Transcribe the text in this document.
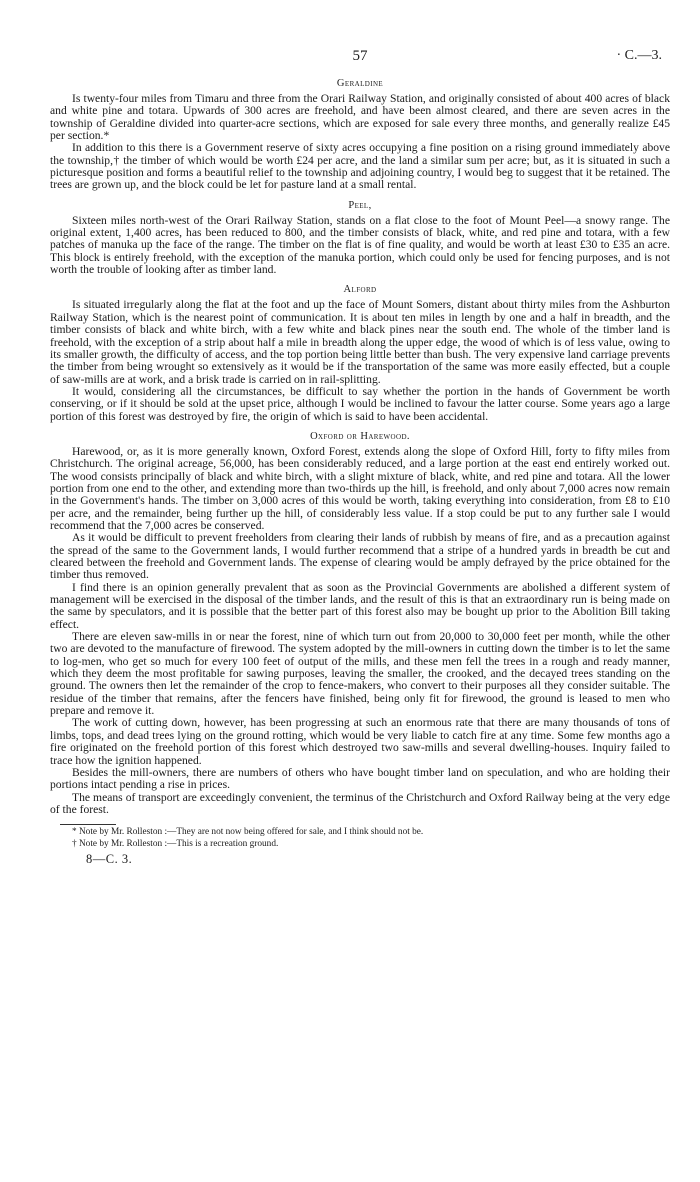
57	· C.—3.
Geraldine

Is twenty-four miles from Timaru and three from the Orari Railway Station, and originally consisted of about 400 acres of black and white pine and totara. Upwards of 300 acres are freehold, and have been almost cleared, and there are seven acres in the township of Geraldine divided into quarter-acre sections, which are exposed for sale every three months, and generally realize £45 per section.*

In addition to this there is a Government reserve of sixty acres occupying a fine position on a rising ground immediately above the township,† the timber of which would be worth £24 per acre, and the land a similar sum per acre; but, as it is situated in such a picturesque position and forms a beautiful relief to the township and adjoining country, I would beg to suggest that it be retained. The trees are grown up, and the block could be let for pasture land at a small rental.

Peel,

Sixteen miles north-west of the Orari Railway Station, stands on a flat close to the foot of Mount Peel—a snowy range. The original extent, 1,400 acres, has been reduced to 800, and the timber consists of black, white, and red pine and totara, with a few patches of manuka up the face of the range. The timber on the flat is of fine quality, and would be worth at least £30 to £35 an acre. This block is entirely freehold, with the exception of the manuka portion, which could only be used for fencing purposes, and is not worth the trouble of looking after as timber land.

Alford

Is situated irregularly along the flat at the foot and up the face of Mount Somers, distant about thirty miles from the Ashburton Railway Station, which is the nearest point of communication. It is about ten miles in length by one and a half in breadth, and the timber consists of black and white birch, with a few white and black pines near the south end. The whole of the timber land is freehold, with the exception of a strip about half a mile in breadth along the upper edge, the wood of which is of less value, owing to its smaller growth, the difficulty of access, and the top portion being little better than bush. The very expensive land carriage prevents the timber from being wrought so extensively as it would be if the transportation of the same was more easily effected, but a couple of saw-mills are at work, and a brisk trade is carried on in rail-splitting.

It would, considering all the circumstances, be difficult to say whether the portion in the hands of Government be worth conserving, or if it should be sold at the upset price, although I would be inclined to favour the latter course. Some years ago a large portion of this forest was destroyed by fire, the origin of which is said to have been accidental.

Oxford or Harewood.

Harewood, or, as it is more generally known, Oxford Forest, extends along the slope of Oxford Hill, forty to fifty miles from Christchurch. The original acreage, 56,000, has been considerably reduced, and a large portion at the east end entirely worked out. The wood consists principally of black and white birch, with a slight mixture of black, white, and red pine and totara. All the lower portion from one end to the other, and extending more than two-thirds up the hill, is freehold, and only about 7,000 acres now remain in the Government's hands. The timber on 3,000 acres of this would be worth, taking everything into consideration, from £8 to £10 per acre, and the remainder, being further up the hill, of considerably less value. If a stop could be put to any further sale I would recommend that the 7,000 acres be conserved.

As it would be difficult to prevent freeholders from clearing their lands of rubbish by means of fire, and as a precaution against the spread of the same to the Government lands, I would further recommend that a stripe of a hundred yards in breadth be cut and cleared between the freehold and Government lands. The expense of clearing would be amply defrayed by the price obtained for the timber thus removed.

I find there is an opinion generally prevalent that as soon as the Provincial Governments are abolished a different system of management will be exercised in the disposal of the timber lands, and the result of this is that an extraordinary run is being made on the same by speculators, and it is possible that the better part of this forest also may be bought up prior to the Abolition Bill taking effect.

There are eleven saw-mills in or near the forest, nine of which turn out from 20,000 to 30,000 feet per month, while the other two are devoted to the manufacture of firewood. The system adopted by the mill-owners in cutting down the timber is to let the same to log-men, who get so much for every 100 feet of output of the mills, and these men fell the trees in a rough and ready manner, which they deem the most profitable for sawing purposes, leaving the smaller, the crooked, and the decayed trees standing on the ground. The owners then let the remainder of the crop to fence-makers, who convert to their purposes all they consider suitable. The residue of the timber that remains, after the fencers have finished, being only fit for firewood, the ground is leased to men who prepare and remove it.

The work of cutting down, however, has been progressing at such an enormous rate that there are many thousands of tons of limbs, tops, and dead trees lying on the ground rotting, which would be very liable to catch fire at any time. Some few months ago a fire originated on the freehold portion of this forest which destroyed two saw-mills and several dwelling-houses. Inquiry failed to trace how the ignition happened.

Besides the mill-owners, there are numbers of others who have bought timber land on speculation, and who are holding their portions intact pending a rise in prices.

The means of transport are exceedingly convenient, the terminus of the Christchurch and Oxford Railway being at the very edge of the forest.

* Note by Mr. Rolleston :—They are not now being offered for sale, and I think should not be.

† Note by Mr. Rolleston :—This is a recreation ground.

8—C. 3.
